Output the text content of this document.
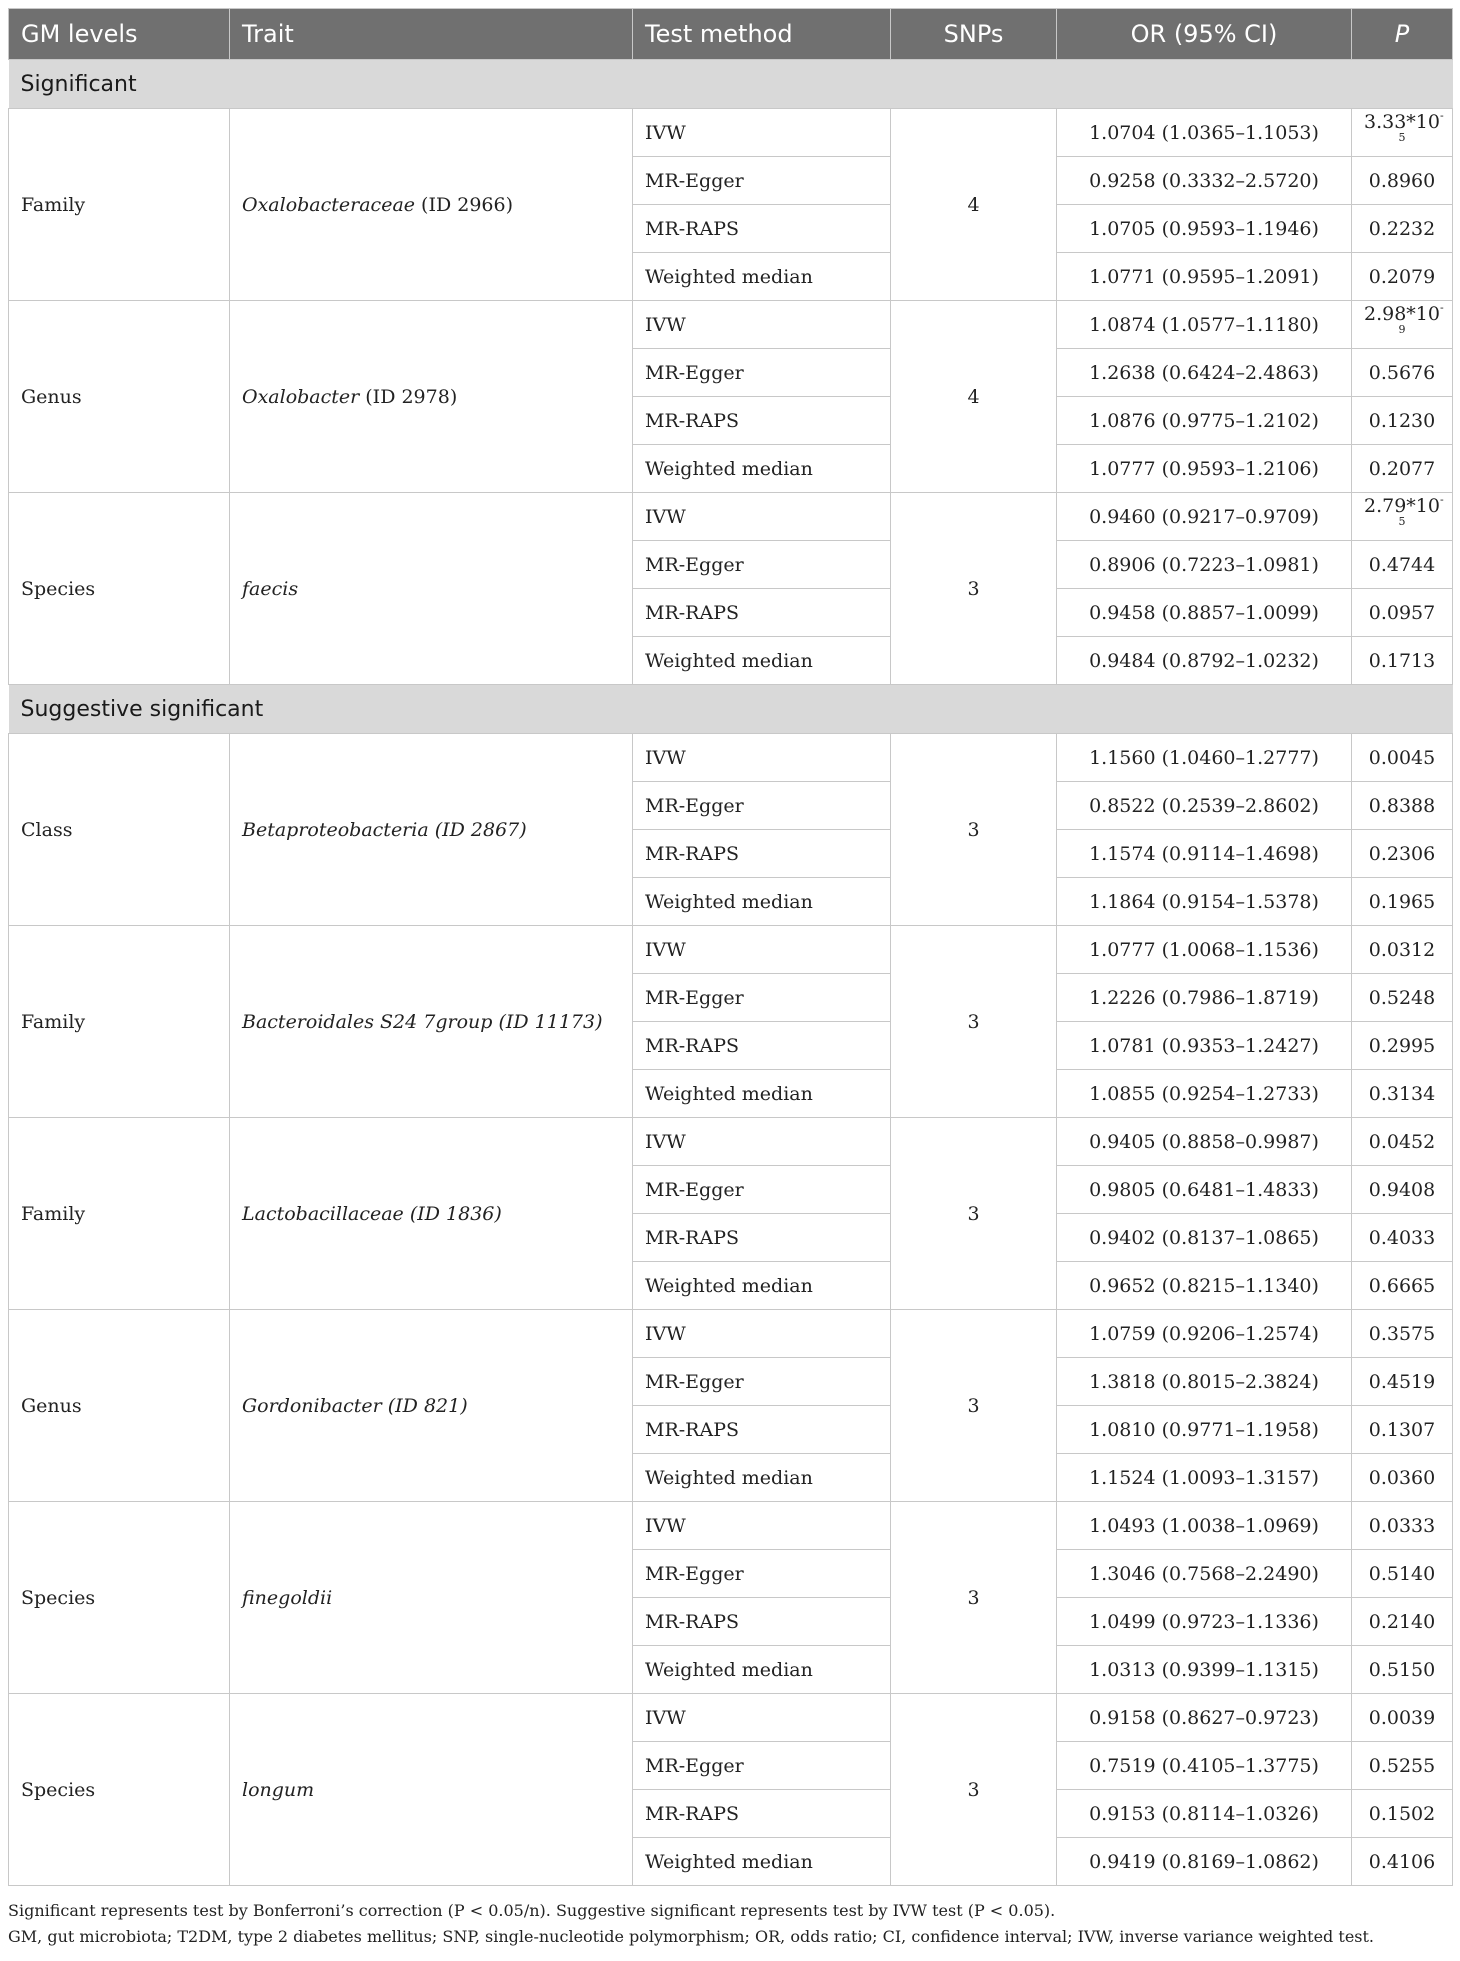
GM levels	Trait	Test method	SNPs	OR (95% CI)	P
Significant					
Family	Oxalobacteraceae (ID 2966)	IVW	4	1.0704 (1.0365–1.1053)	$3.33*10^{-5}$
		MR-Egger		0.9258 (0.3332–2.5720)	0.8960
		MR-RAPS		1.0705 (0.9593–1.1946)	0.2232
		Weighted median		1.0771 (0.9595–1.2091)	0.2079
Genus	Oxalobacter (ID 2978)	IVW	4	1.0874 (1.0577–1.1180)	$2.98*10^{-9}$
		MR-Egger		1.2638 (0.6424–2.4863)	0.5676
		MR-RAPS		1.0876 (0.9775–1.2102)	0.1230
		Weighted median		1.0777 (0.9593–1.2106)	0.2077
Species	faecis	IVW	3	0.9460 (0.9217–0.9709)	$2.79*10^{-5}$
		MR-Egger		0.8906 (0.7223–1.0981)	0.4744
		MR-RAPS		0.9458 (0.8857–1.0099)	0.0957
		Weighted median		0.9484 (0.8792–1.0232)	0.1713
Suggestive significant					
Class	Betaproteobacteria (ID 2867)	IVW	3	1.1560 (1.0460–1.2777)	0.0045
		MR-Egger		0.8522 (0.2539–2.8602)	0.8388
		MR-RAPS		1.1574 (0.9114–1.4698)	0.2306
		Weighted median		1.1864 (0.9154–1.5378)	0.1965
Family	Bacteroidales S24 7group (ID 11173)	IVW	3	1.0777 (1.0068–1.1536)	0.0312
		MR-Egger		1.2226 (0.7986–1.8719)	0.5248
		MR-RAPS		1.0781 (0.9353–1.2427)	0.2995
		Weighted median		1.0855 (0.9254–1.2733)	0.3134
Family	Lactobacillaceae (ID 1836)	IVW	3	0.9405 (0.8858–0.9987)	0.0452
		MR-Egger		0.9805 (0.6481–1.4833)	0.9408
		MR-RAPS		0.9402 (0.8137–1.0865)	0.4033
		Weighted median		0.9652 (0.8215–1.1340)	0.6665
Genus	Gordonibacter (ID 821)	IVW	3	1.0759 (0.9206–1.2574)	0.3575
		MR-Egger		1.3818 (0.8015–2.3824)	0.4519
		MR-RAPS		1.0810 (0.9771–1.1958)	0.1307
		Weighted median		1.1524 (1.0093–1.3157)	0.0360
Species	finegoldii	IVW	3	1.0493 (1.0038–1.0969)	0.0333
		MR-Egger		1.3046 (0.7568–2.2490)	0.5140
		MR-RAPS		1.0499 (0.9723–1.1336)	0.2140
		Weighted median		1.0313 (0.9399–1.1315)	0.5150
Species	longum	IVW	3	0.9158 (0.8627–0.9723)	0.0039
		MR-Egger		0.7519 (0.4105–1.3775)	0.5255
		MR-RAPS		0.9153 (0.8114–1.0326)	0.1502
		Weighted median		0.9419 (0.8169–1.0862)	0.4106
Significant represents test by Bonferroni’s correction (P < 0.05/n). Suggestive significant represents test by IVW test (P < 0.05).
GM, gut microbiota; T2DM, type 2 diabetes mellitus; SNP, single-nucleotide polymorphism; OR, odds ratio; CI, confidence interval; IVW, inverse variance weighted test.
